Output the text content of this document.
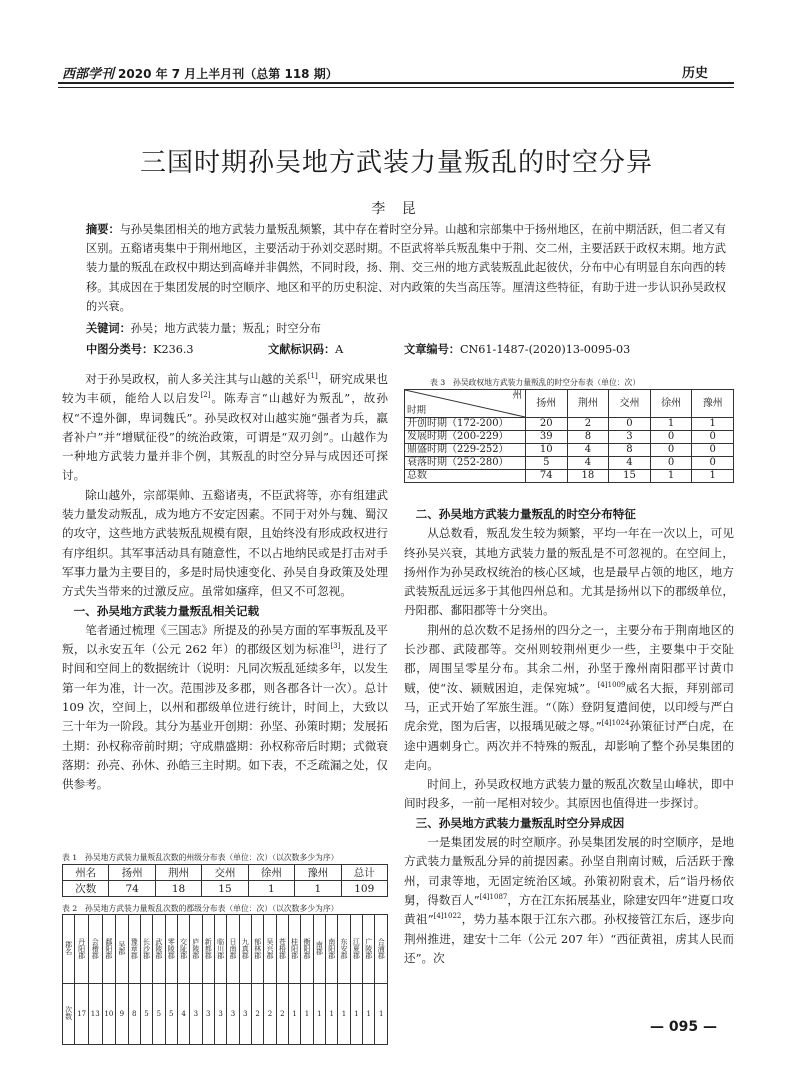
西部学刊 2020 年 7 月上半月刊（总第 118 期）	历史
三国时期孙吴地方武装力量叛乱的时空分异
李 昆
摘要：与孙吴集团相关的地方武装力量叛乱频繁，其中存在着时空分异。山越和宗部集中于扬州地区，在前中期活跃，但二者又有区别。五谿诸夷集中于荆州地区，主要活动于孙刘交恶时期。不臣武将举兵叛乱集中于荆、交二州，主要活跃于政权末期。地方武装力量的叛乱在政权中期达到高峰并非偶然，不同时段，扬、荆、交三州的地方武装叛乱此起彼伏，分布中心有明显自东向西的转移。其成因在于集团发展的时空顺序、地区和平的历史积淀、对内政策的失当高压等。厘清这些特征，有助于进一步认识孙吴政权的兴衰。
关键词：孙吴；地方武装力量；叛乱；时空分布
中图分类号：K236.3	文献标识码：A	文章编号：CN61-1487-(2020)13-0095-03

对于孙吴政权，前人多关注其与山越的关系[1]，研究成果也较为丰硕，能给人以启发[2]。陈寿言“山越好为叛乱”，故孙权“不遑外御，卑词魏氏”。孙吴政权对山越实施“强者为兵，羸者补户”并“增赋征役”的统治政策，可谓是“双刃剑”。山越作为一种地方武装力量并非个例，其叛乱的时空分异与成因还可探讨。

除山越外，宗部渠帅、五谿诸夷，不臣武将等，亦有组建武装力量发动叛乱，成为地方不安定因素。不同于对外与魏、蜀汉的攻守，这些地方武装叛乱规模有限，且始终没有形成政权进行有序组织。其军事活动具有随意性，不以占地纳民或是打击对手军事力量为主要目的，多是时局快速变化、孙吴自身政策及处理方式失当带来的过激反应。虽常如瘙痒，但又不可忽视。

一、孙吴地方武装力量叛乱相关记载

笔者通过梳理《三国志》所提及的孙吴方面的军事叛乱及平叛，以永安五年（公元 262 年）的郡级区划为标准[3]，进行了时间和空间上的数据统计（说明：凡同次叛乱延续多年，以发生第一年为准，计一次。范围涉及多郡，则各郡各计一次）。总计 109 次，空间上，以州和郡级单位进行统计，时间上，大致以三十年为一阶段。其分为基业开创期：孙坚、孙策时期；发展拓土期：孙权称帝前时期；守成鼎盛期：孙权称帝后时期；式微衰落期：孙亮、孙休、孙皓三主时期。如下表，不乏疏漏之处，仅供参考。

表 1　孙吴地方武装力量叛乱次数的州级分布表（单位：次）（以次数多少为序）
州名	扬州	荆州	交州	徐州	豫州	总计
次数	74	18	15	1	1	109
表 2　孙吴地方武装力量叛乱次数的郡级分布表（单位：次）（以次数多少为序）
郡名	丹阳郡	会稽郡	鄱阳郡	吴郡	豫章郡	长沙郡	武陵郡	零陵郡	交阯郡	庐陵郡	新都郡	临川郡	日南郡	九真郡	郁林郡	吴兴郡	苍梧郡	桂阳郡	衡阳郡	南郡	南阳郡	东安郡	江夏郡	广陵郡	合浦郡
次数	17	13	10	9	8	5	5	5	4	3	3	3	3	3	2	2	2	1	1	1	1	1	1	1	1
表 3　孙吴政权地方武装力量叛乱的时空分布表（单位：次）
州
时期	扬州	荆州	交州	徐州	豫州
开创时期（172-200）	20	2	0	1	1
发展时期（200-229）	39	8	3	0	0
鼎盛时期（229-252）	10	4	8	0	0
衰落时期（252-280）	5	4	4	0	0
总数	74	18	15	1	1
二、孙吴地方武装力量叛乱的时空分布特征

从总数看，叛乱发生较为频繁，平均一年在一次以上，可见终孙吴兴衰，其地方武装力量的叛乱是不可忽视的。在空间上，扬州作为孙吴政权统治的核心区域，也是最早占领的地区，地方武装叛乱远远多于其他四州总和。尤其是扬州以下的郡级单位，丹阳郡、鄱阳郡等十分突出。

荆州的总次数不足扬州的四分之一，主要分布于荆南地区的长沙郡、武陵郡等。交州则较荆州更少一些，主要集中于交阯郡，周围呈零星分布。其余二州，孙坚于豫州南阳郡平讨黄巾贼，使“汝、颍贼困迫，走保宛城”。$^{[4]1009}$威名大振，拜别部司马，正式开始了军旅生涯。“（陈）登阴复遣间使，以印绶与严白虎余党，图为后害，以报瑀见破之辱。”$^{[4]1024}$孙策征讨严白虎，在途中遇刺身亡。两次并不特殊的叛乱，却影响了整个孙吴集团的走向。

时间上，孙吴政权地方武装力量的叛乱次数呈山峰状，即中间时段多，一前一尾相对较少。其原因也值得进一步探讨。

三、孙吴地方武装力量叛乱时空分异成因

一是集团发展的时空顺序。孙吴集团发展的时空顺序，是地方武装力量叛乱分异的前提因素。孙坚自荆南讨贼，后活跃于豫州，司隶等地，无固定统治区域。孙策初附袁术，后“诣丹杨依舅，得数百人”$^{[4]1087}$，方在江东拓展基业，除建安四年“进夏口攻黄祖”$^{[4]1022}$，势力基本限于江东六郡。孙权接管江东后，逐步向荆州推进，建安十二年（公元 207 年）“西征黄祖，虏其人民而还”。次

— 095 —
